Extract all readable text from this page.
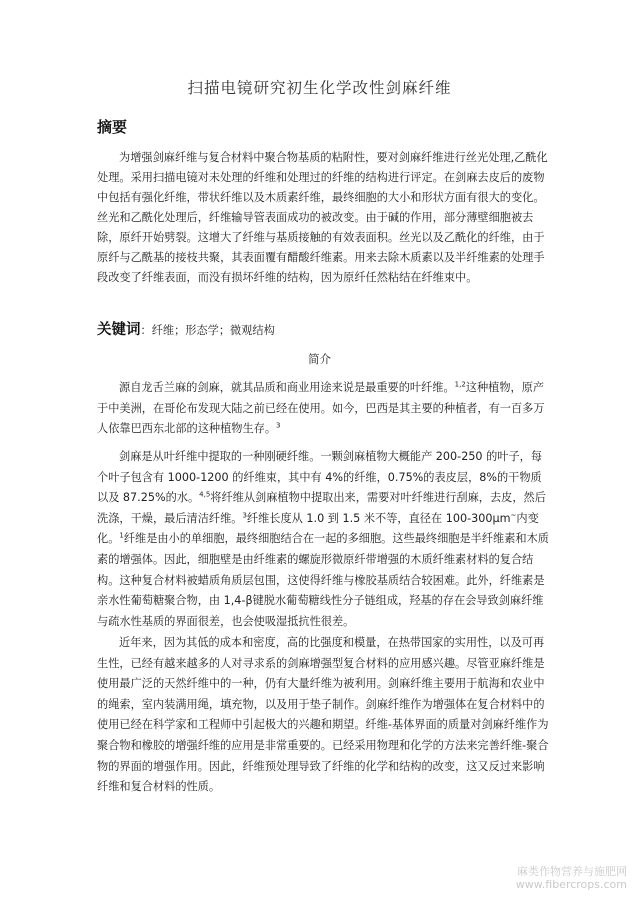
扫描电镜研究初生化学改性剑麻纤维
摘要

为增强剑麻纤维与复合材料中聚合物基质的粘附性，要对剑麻纤维进行丝光处理,乙酰化处理。采用扫描电镜对未处理的纤维和处理过的纤维的结构进行评定。在剑麻去皮后的废物中包括有强化纤维，带状纤维以及木质素纤维，最终细胞的大小和形状方面有很大的变化。丝光和乙酰化处理后，纤维输导管表面成功的被改变。由于碱的作用，部分薄壁细胞被去除，原纤开始劈裂。这增大了纤维与基质接触的有效表面积。丝光以及乙酰化的纤维，由于原纤与乙酰基的接枝共聚，其表面覆有醋酸纤维素。用来去除木质素以及半纤维素的处理手段改变了纤维表面，而没有损坏纤维的结构，因为原纤任然粘结在纤维束中。

关键词：纤维；形态学；微观结构
简介

源自龙舌兰麻的剑麻，就其品质和商业用途来说是最重要的叶纤维。$^{1,2}$这种植物，原产于中美洲，在哥伦布发现大陆之前已经在使用。如今，巴西是其主要的种植者，有一百多万人依靠巴西东北部的这种植物生存。$^3$

剑麻是从叶纤维中提取的一种刚硬纤维。一颗剑麻植物大概能产 200-250 的叶子，每个叶子包含有 1000-1200 的纤维束，其中有 4%的纤维，0.75%的表皮层，8%的干物质以及 87.25%的水。$^{4,5}$将纤维从剑麻植物中提取出来，需要对叶纤维进行刮麻，去皮，然后洗涤，干燥，最后清洁纤维。$^3$纤维长度从 1.0 到 1.5 米不等，直径在 100-300μm~内变化。$^1$纤维是由小的单细胞，最终细胞结合在一起的多细胞。这些最终细胞是半纤维素和木质素的增强体。因此，细胞壁是由纤维素的螺旋形微原纤带增强的木质纤维素材料的复合结构。这种复合材料被蜡质角质层包围，这使得纤维与橡胶基质结合较困难。此外，纤维素是亲水性葡萄糖聚合物，由 1,4-β键脱水葡萄糖线性分子链组成，羟基的存在会导致剑麻纤维与疏水性基质的界面很差，也会使吸湿抵抗性很差。

近年来，因为其低的成本和密度，高的比强度和模量，在热带国家的实用性，以及可再生性，已经有越来越多的人对寻求系的剑麻增强型复合材料的应用感兴趣。尽管亚麻纤维是使用最广泛的天然纤维中的一种，仍有大量纤维为被利用。剑麻纤维主要用于航海和农业中的绳索，室内装满用绳，填充物，以及用于垫子制作。剑麻纤维作为增强体在复合材料中的使用已经在科学家和工程师中引起极大的兴趣和期望。纤维-基体界面的质量对剑麻纤维作为聚合物和橡胶的增强纤维的应用是非常重要的。已经采用物理和化学的方法来完善纤维-聚合物的界面的增强作用。因此，纤维预处理导致了纤维的化学和结构的改变，这又反过来影响纤维和复合材料的性质。

麻类作物营养与施肥网
www.fibercrops.com
